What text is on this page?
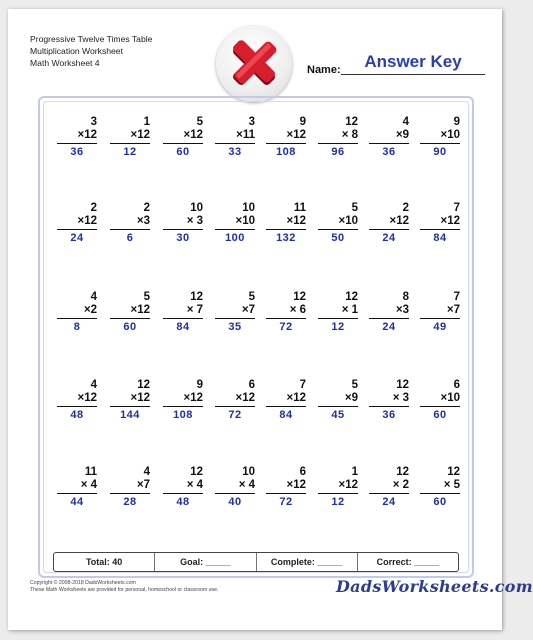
Progressive Twelve Times Table
Multiplication Worksheet
Math Worksheet 4
Name:	Answer Key
3
×12
36
1
×12
12
5
×12
60
3
×11
33
9
×12
108
12
× 8
96
4
×9
36
9
×10
90
2
×12
24
2
×3
6
10
× 3
30
10
×10
100
11
×12
132
5
×10
50
2
×12
24
7
×12
84
4
×2
8
5
×12
60
12
× 7
84
5
×7
35
12
× 6
72
12
× 1
12
8
×3
24
7
×7
49
4
×12
48
12
×12
144
9
×12
108
6
×12
72
7
×12
84
5
×9
45
12
× 3
36
6
×10
60
11
× 4
44
4
×7
28
12
× 4
48
10
× 4
40
6
×12
72
1
×12
12
12
× 2
24
12
× 5
60
Total: 40	Goal: _____	Complete: _____	Correct: _____
Copyright © 2008-2018 DadsWorksheets.com
These Math Worksheets are provided for personal, homeschool or classroom use.	DadsWorksheets.com
